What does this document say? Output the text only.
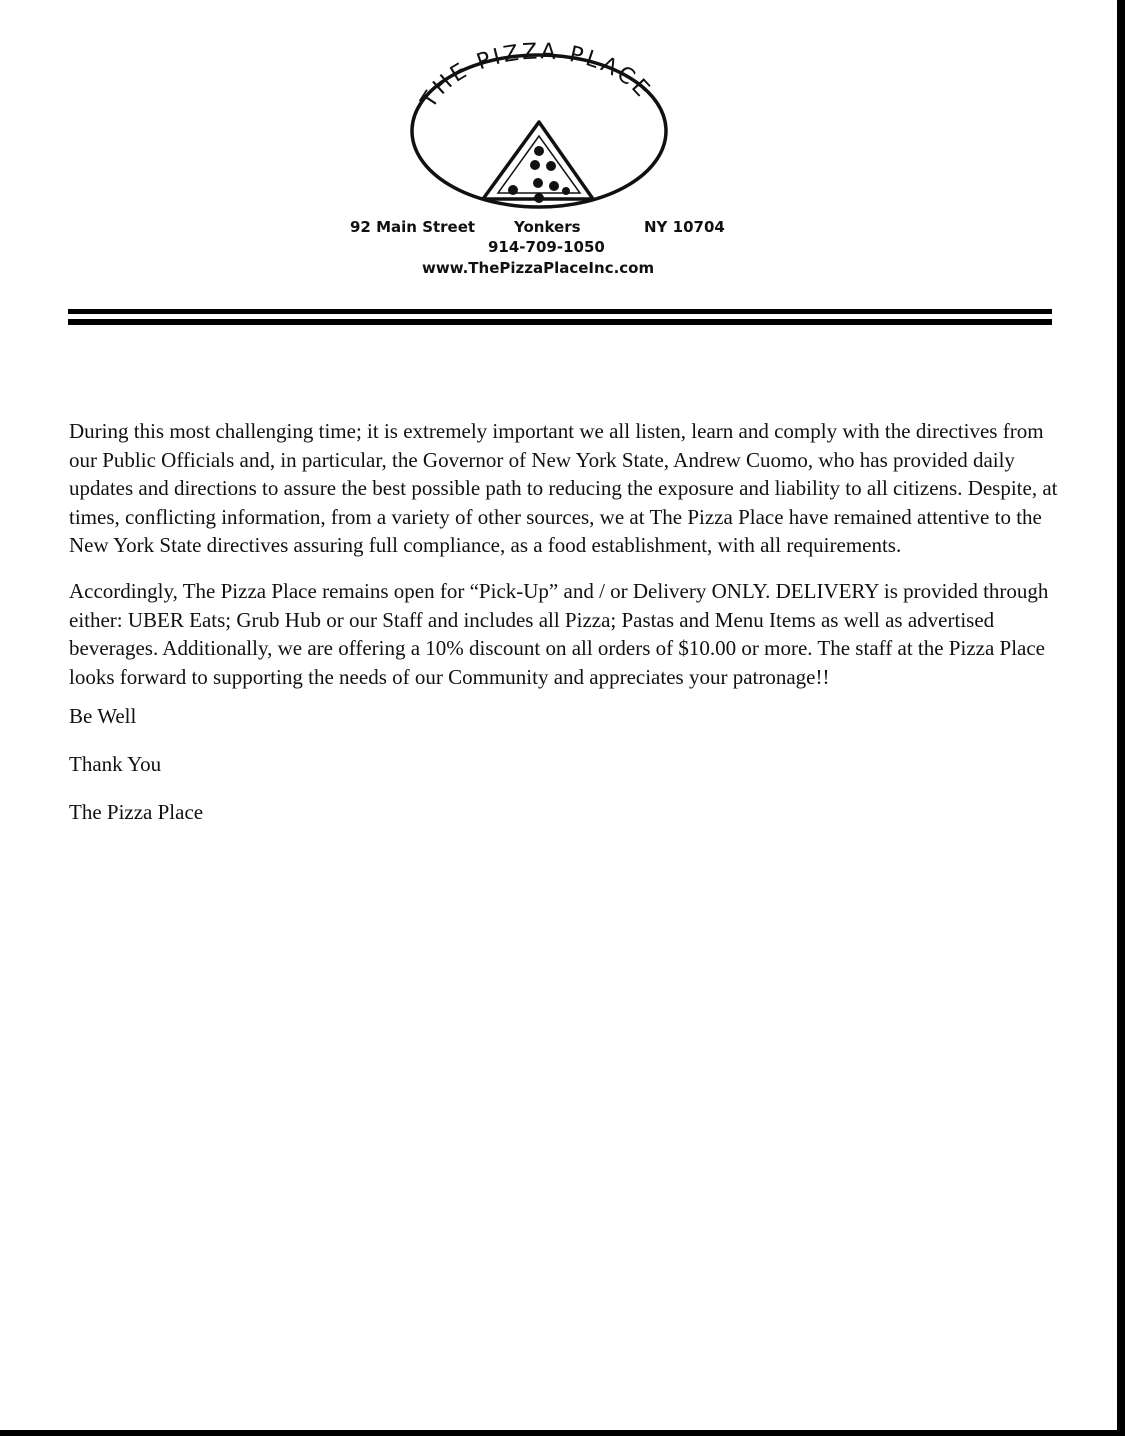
THE PIZZA PLACE
92 Main Street	Yonkers	NY 10704
914-709-1050
www.ThePizzaPlaceInc.com

During this most challenging time; it is extremely important we all listen, learn and comply with the directives from our Public Officials and, in particular, the Governor of New York State, Andrew Cuomo, who has provided daily updates and directions to assure the best possible path to reducing the exposure and liability to all citizens. Despite, at times, conflicting information, from a variety of other sources, we at The Pizza Place have remained attentive to the New York State directives assuring full compliance, as a food establishment, with all requirements.

Accordingly, The Pizza Place remains open for “Pick-Up” and / or Delivery ONLY. DELIVERY is provided through either: UBER Eats; Grub Hub or our Staff and includes all Pizza; Pastas and Menu Items as well as advertised beverages. Additionally, we are offering a 10% discount on all orders of $10.00 or more. The staff at the Pizza Place looks forward to supporting the needs of our Community and appreciates your patronage!!

Be Well

Thank You

The Pizza Place
